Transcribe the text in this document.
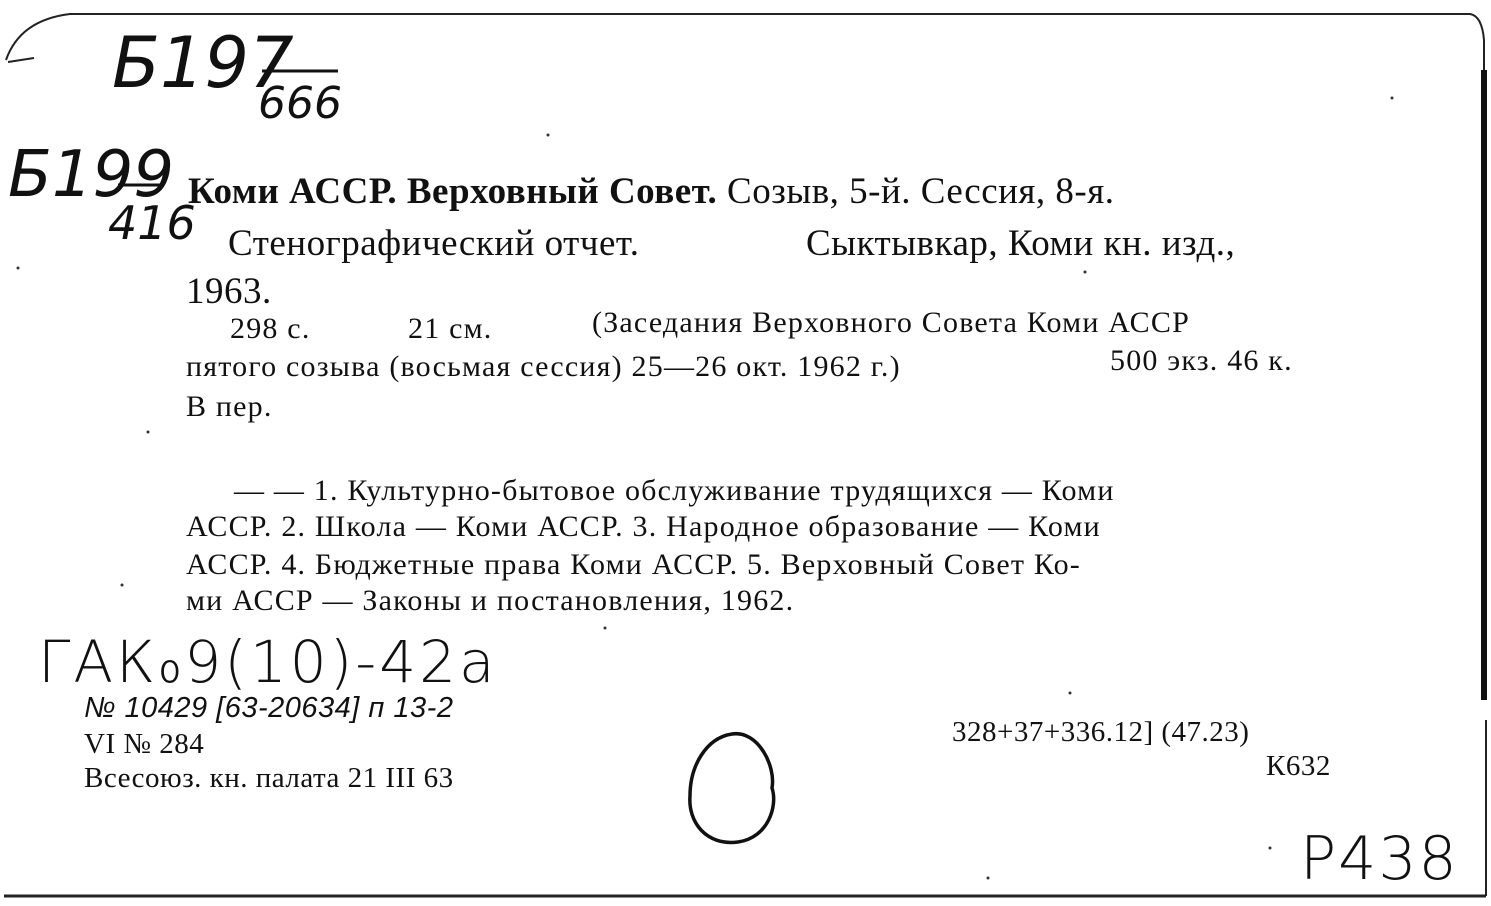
Б197
666
Б199
416
Коми АССР. Верховный Совет. Созыв, 5-й. Сессия, 8-я.
Стенографический отчет.	Сыктывкар, Коми кн. изд.,
1963.
298 с.	21 см.	(Заседания Верховного Совета Коми АССР
пятого созыва (восьмая сессия) 25—26 окт. 1962 г.)	500 экз. 46 к.
В пер.
— — 1. Культурно-бытовое обслуживание трудящихся — Коми
АССР. 2. Школа — Коми АССР. 3. Народное образование — Коми
АССР. 4. Бюджетные права Коми АССР. 5. Верховный Совет Ко-
ми АССР — Законы и постановления, 1962.
ГАК₀9(10)-42а
№ 10429 [63-20634] п 13-2
VI № 284
Всесоюз. кн. палата 21 III 63
328+37+336.12] (47.23)
К632
Р438
